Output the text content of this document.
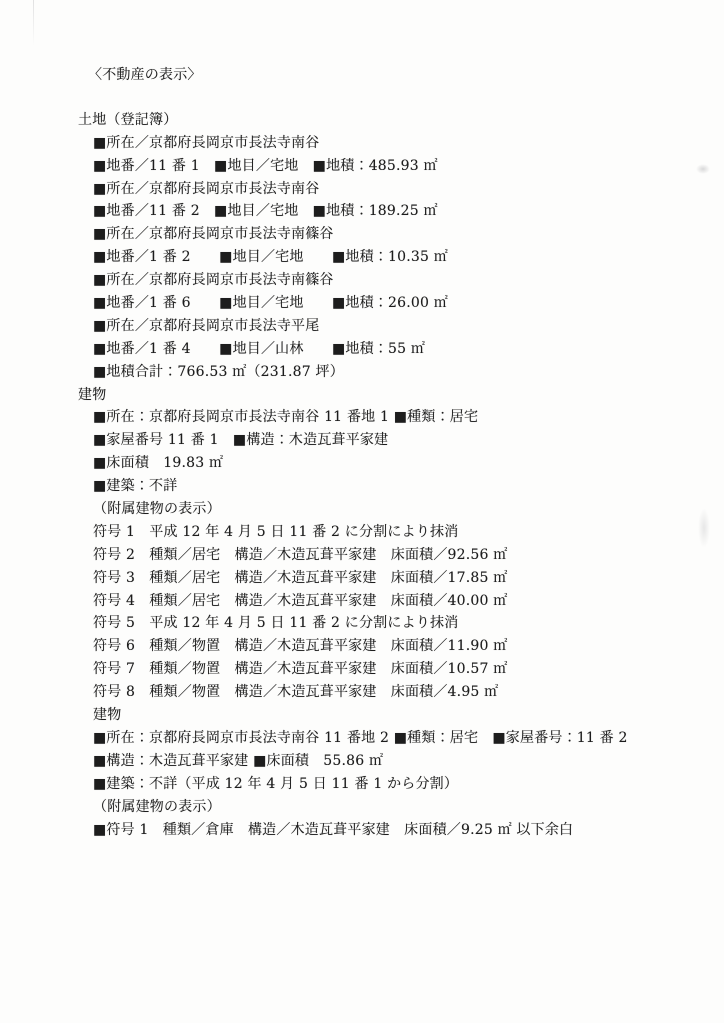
〈不動産の表示〉
土地（登記簿）
■所在／京都府長岡京市長法寺南谷
■地番／11 番 1　■地目／宅地　■地積：485.93 ㎡
■所在／京都府長岡京市長法寺南谷
■地番／11 番 2　■地目／宅地　■地積：189.25 ㎡
■所在／京都府長岡京市長法寺南篠谷
■地番／1 番 2　　■地目／宅地　　■地積：10.35 ㎡
■所在／京都府長岡京市長法寺南篠谷
■地番／1 番 6　　■地目／宅地　　■地積：26.00 ㎡
■所在／京都府長岡京市長法寺平尾
■地番／1 番 4　　■地目／山林　　■地積：55 ㎡
■地積合計：766.53 ㎡（231.87 坪）
建物
■所在：京都府長岡京市長法寺南谷 11 番地 1 ■種類：居宅
■家屋番号 11 番 1　■構造：木造瓦葺平家建
■床面積　19.83 ㎡
■建築：不詳
（附属建物の表示）
符号 1　平成 12 年 4 月 5 日 11 番 2 に分割により抹消
符号 2　種類／居宅　構造／木造瓦葺平家建　床面積／92.56 ㎡
符号 3　種類／居宅　構造／木造瓦葺平家建　床面積／17.85 ㎡
符号 4　種類／居宅　構造／木造瓦葺平家建　床面積／40.00 ㎡
符号 5　平成 12 年 4 月 5 日 11 番 2 に分割により抹消
符号 6　種類／物置　構造／木造瓦葺平家建　床面積／11.90 ㎡
符号 7　種類／物置　構造／木造瓦葺平家建　床面積／10.57 ㎡
符号 8　種類／物置　構造／木造瓦葺平家建　床面積／4.95 ㎡
建物
■所在：京都府長岡京市長法寺南谷 11 番地 2 ■種類：居宅　■家屋番号：11 番 2
■構造：木造瓦葺平家建 ■床面積　55.86 ㎡
■建築：不詳（平成 12 年 4 月 5 日 11 番 1 から分割）
（附属建物の表示）
■符号 1　種類／倉庫　構造／木造瓦葺平家建　床面積／9.25 ㎡ 以下余白
